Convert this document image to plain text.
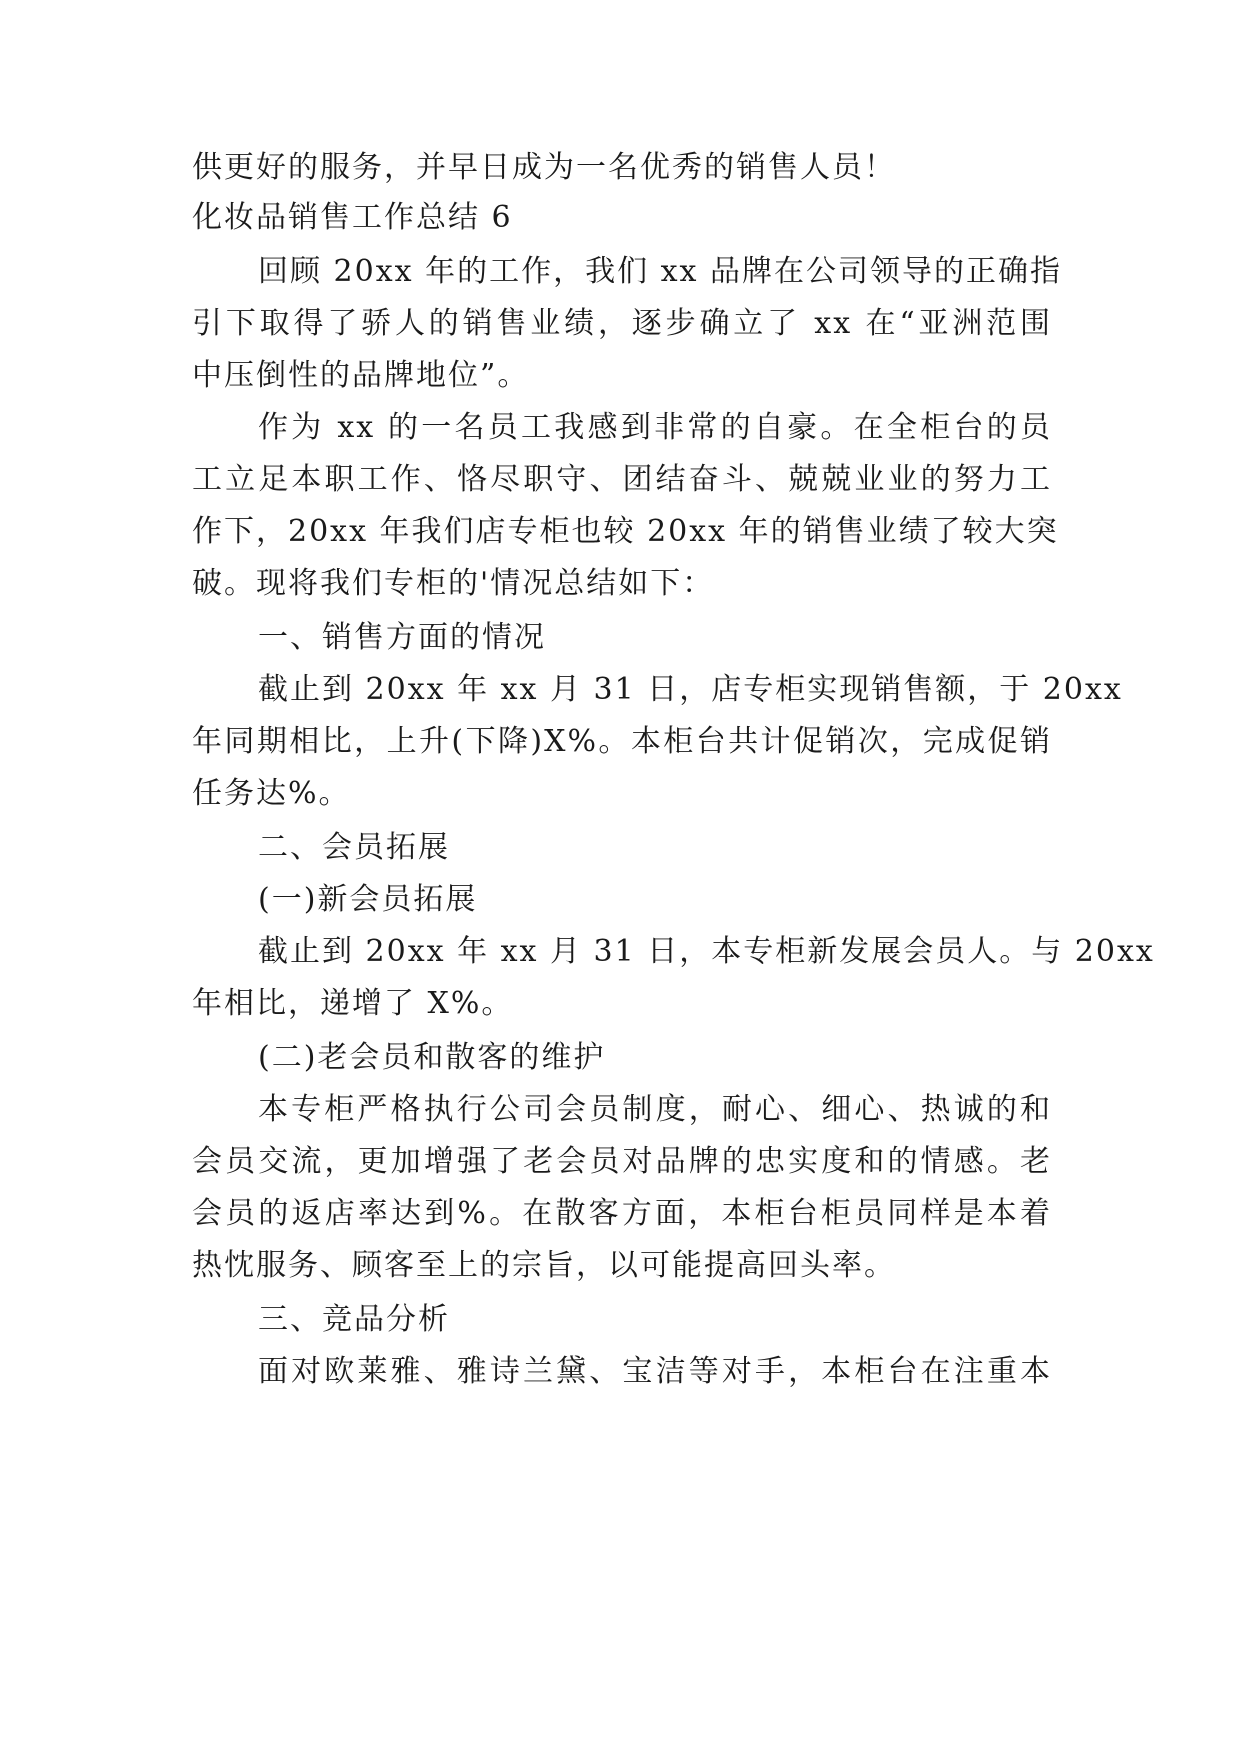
供更好的服务，并早日成为一名优秀的销售人员！
化妆品销售工作总结 6
回顾 20xx 年的工作，我们 xx 品牌在公司领导的正确指
引下取得了骄人的销售业绩，逐步确立了 xx 在“亚洲范围
中压倒性的品牌地位”。
作为 xx 的一名员工我感到非常的自豪。在全柜台的员
工立足本职工作、恪尽职守、团结奋斗、兢兢业业的努力工
作下，20xx 年我们店专柜也较 20xx 年的销售业绩了较大突
破。现将我们专柜的'情况总结如下：
一、销售方面的情况
截止到 20xx 年 xx 月 31 日，店专柜实现销售额，于 20xx
年同期相比，上升(下降)X%。本柜台共计促销次，完成促销
任务达%。
二、会员拓展
(一)新会员拓展
截止到 20xx 年 xx 月 31 日，本专柜新发展会员人。与 20xx
年相比，递增了 X%。
(二)老会员和散客的维护
本专柜严格执行公司会员制度，耐心、细心、热诚的和
会员交流，更加增强了老会员对品牌的忠实度和的情感。老
会员的返店率达到%。在散客方面，本柜台柜员同样是本着
热忱服务、顾客至上的宗旨，以可能提高回头率。
三、竞品分析
面对欧莱雅、雅诗兰黛、宝洁等对手，本柜台在注重本
